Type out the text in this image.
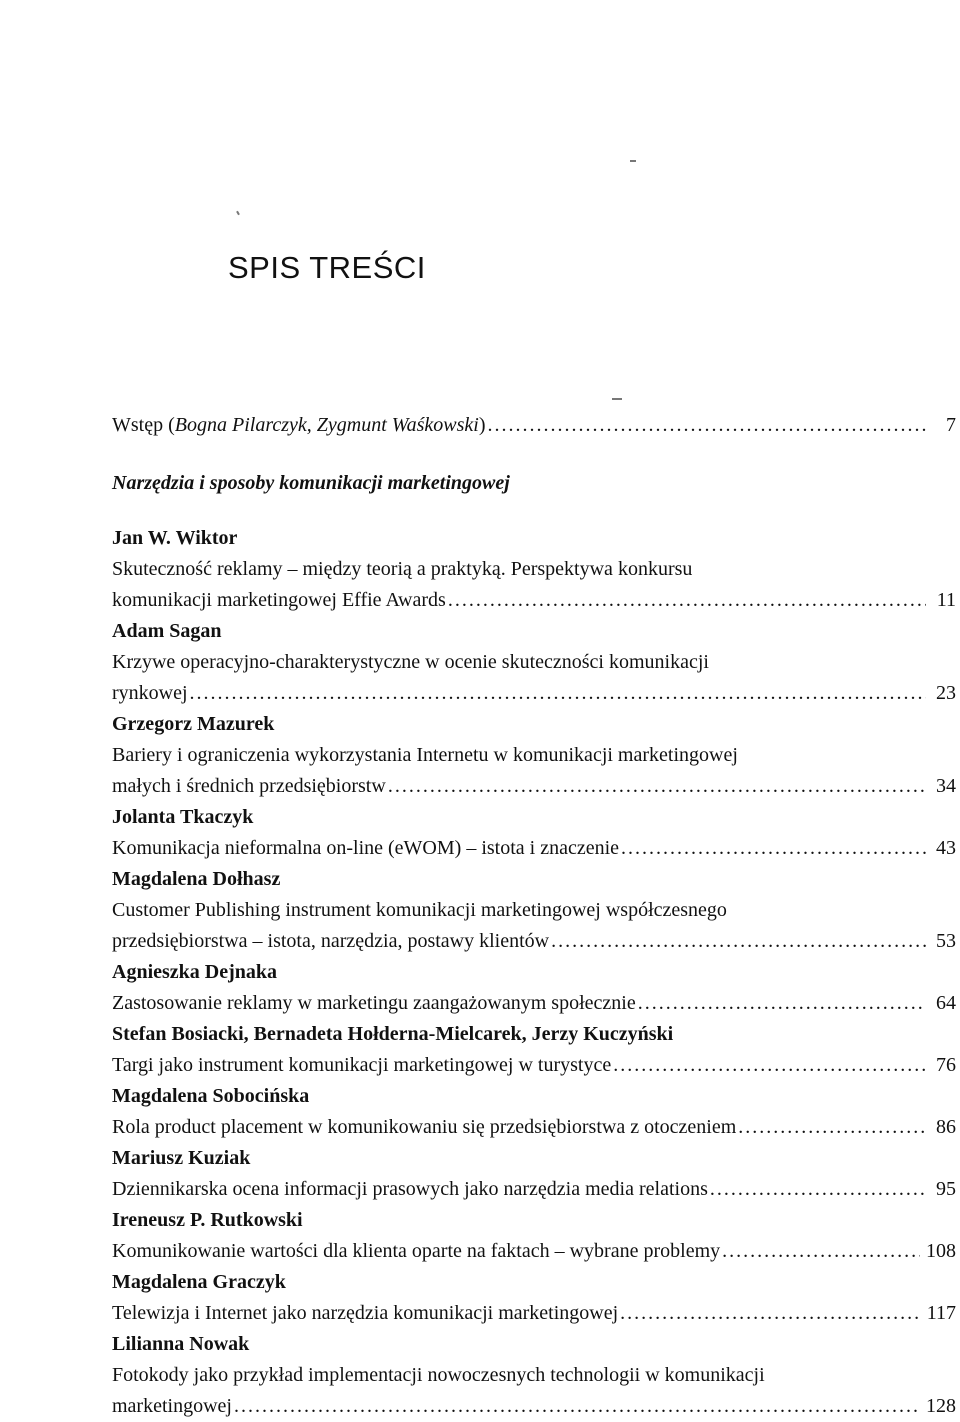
SPIS TREŚCI
Wstęp (Bogna Pilarczyk, Zygmunt Waśkowski) .....	7
Narzędzia i sposoby komunikacji marketingowej
Jan W. Wiktor
Skuteczność reklamy – między teorią a praktyką. Perspektywa konkursu
komunikacji marketingowej Effie Awards .....	11
Adam Sagan
Krzywe operacyjno-charakterystyczne w ocenie skuteczności komunikacji
rynkowej .....	23
Grzegorz Mazurek
Bariery i ograniczenia wykorzystania Internetu w komunikacji marketingowej
małych i średnich przedsiębiorstw .....	34
Jolanta Tkaczyk
Komunikacja nieformalna on-line (eWOM) – istota i znaczenie .....	43
Magdalena Dołhasz
Customer Publishing instrument komunikacji marketingowej współczesnego
przedsiębiorstwa – istota, narzędzia, postawy klientów .....	53
Agnieszka Dejnaka
Zastosowanie reklamy w marketingu zaangażowanym społecznie .....	64
Stefan Bosiacki, Bernadeta Hołderna-Mielcarek, Jerzy Kuczyński
Targi jako instrument komunikacji marketingowej w turystyce .....	76
Magdalena Sobocińska
Rola product placement w komunikowaniu się przedsiębiorstwa z otoczeniem .....	86
Mariusz Kuziak
Dziennikarska ocena informacji prasowych jako narzędzia media relations .....	95
Ireneusz P. Rutkowski
Komunikowanie wartości dla klienta oparte na faktach – wybrane problemy .....	108
Magdalena Graczyk
Telewizja i Internet jako narzędzia komunikacji marketingowej .....	117
Lilianna Nowak
Fotokody jako przykład implementacji nowoczesnych technologii w komunikacji
marketingowej .....	128
